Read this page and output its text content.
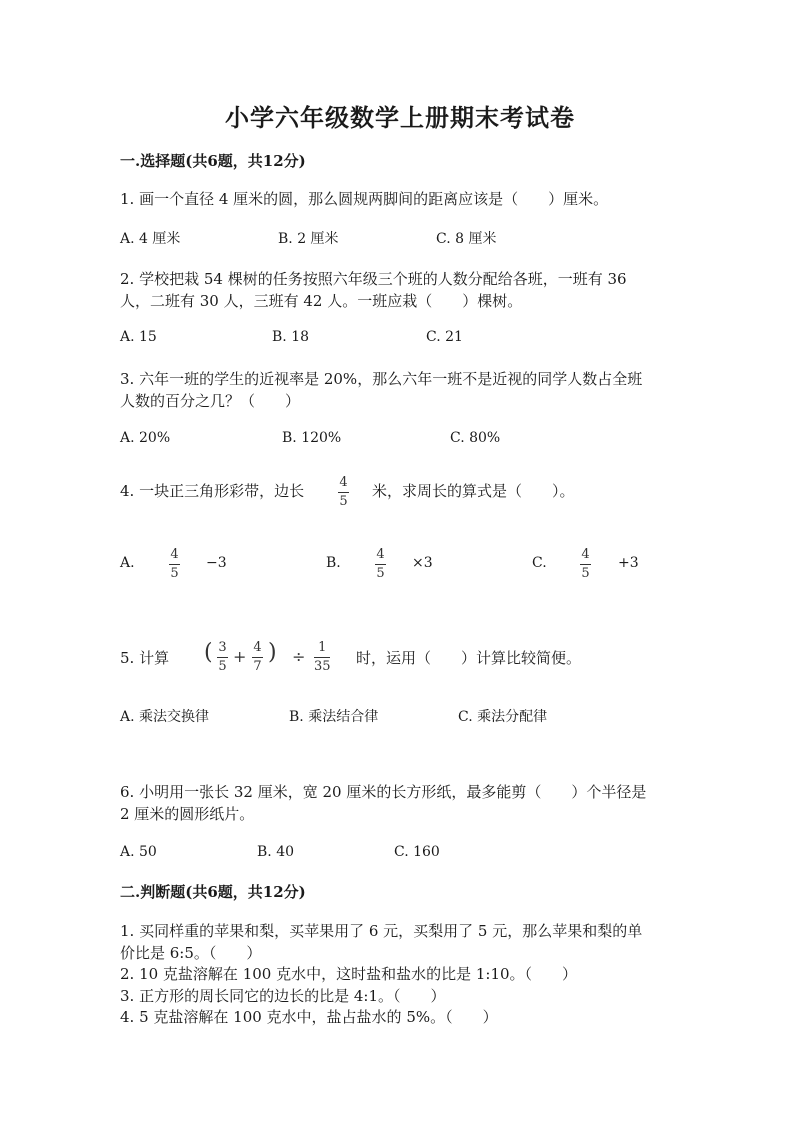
小学六年级数学上册期末考试卷
一.选择题(共6题，共12分)
1. 画一个直径 4 厘米的圆，那么圆规两脚间的距离应该是（　　）厘米。
A. 4 厘米	B. 2 厘米	C. 8 厘米
2. 学校把栽 54 棵树的任务按照六年级三个班的人数分配给各班，一班有 36
人，二班有 30 人，三班有 42 人。一班应栽（　　）棵树。
A. 15	B. 18	C. 21
3. 六年一班的学生的近视率是 20%，那么六年一班不是近视的同学人数占全班
人数的百分之几？（　　）
A. 20%	B. 120%	C. 80%
4. 一块正三角形彩带，边长	4
5
米，求周长的算式是（　　）。
A.
4
5
−3	B.
4
5
×3	C.
4
5
+3
5. 计算 ( 3
5
+ 4
7
) ÷ 1
35 时，运用（　　）计算比较简便。
A. 乘法交换律	B. 乘法结合律	C. 乘法分配律
6. 小明用一张长 32 厘米，宽 20 厘米的长方形纸，最多能剪（　　）个半径是
2 厘米的圆形纸片。
A. 50	B. 40	C. 160
二.判断题(共6题，共12分)
1. 买同样重的苹果和梨，买苹果用了 6 元，买梨用了 5 元，那么苹果和梨的单
价比是 6:5。（　　）
2. 10 克盐溶解在 100 克水中，这时盐和盐水的比是 1:10。（　　）
3. 正方形的周长同它的边长的比是 4:1。（　　）
4. 5 克盐溶解在 100 克水中，盐占盐水的 5%。（　　）
